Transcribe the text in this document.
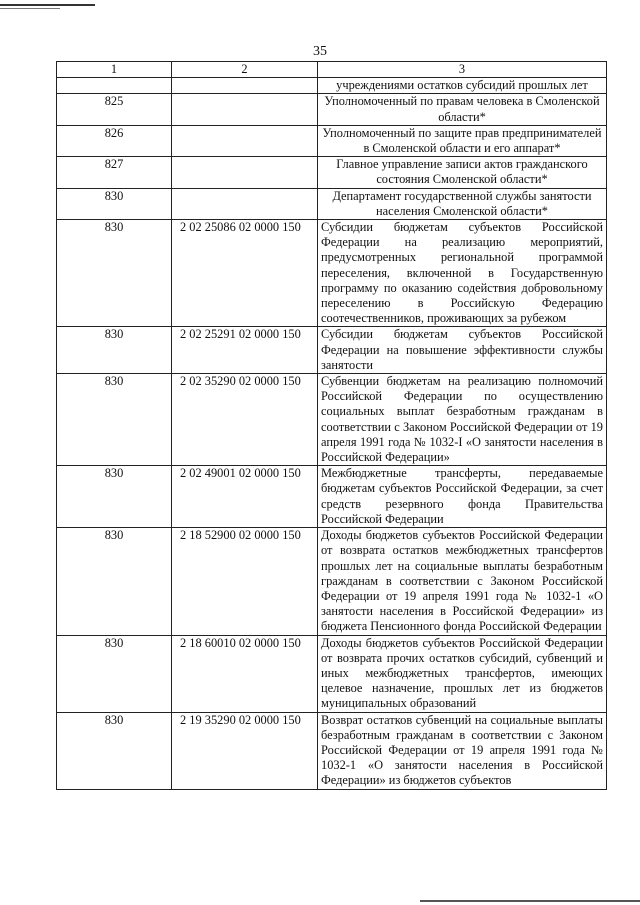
35
1	2	3
		учреждениями остатков субсидий прошлых лет
825		Уполномоченный по правам человека в Смоленской области*
826		Уполномоченный по защите прав предпринимателей в Смоленской области и его аппарат*
827		Главное управление записи актов гражданского состояния Смоленской области*
830		Департамент государственной службы занятости населения Смоленской области*
830	2 02 25086 02 0000 150	Субсидии бюджетам субъектов Российской Федерации на реализацию мероприятий, предусмотренных региональной программой переселения, включенной в Государственную программу по оказанию содействия добровольному переселению в Российскую Федерацию соотечественников, проживающих за рубежом
830	2 02 25291 02 0000 150	Субсидии бюджетам субъектов Российской Федерации на повышение эффективности службы занятости
830	2 02 35290 02 0000 150	Субвенции бюджетам на реализацию полномочий Российской Федерации по осуществлению социальных выплат безработным гражданам в соответствии с Законом Российской Федерации от 19 апреля 1991 года № 1032-I «О занятости населения в Российской Федерации»
830	2 02 49001 02 0000 150	Межбюджетные трансферты, передаваемые бюджетам субъектов Российской Федерации, за счет средств резервного фонда Правительства Российской Федерации
830	2 18 52900 02 0000 150	Доходы бюджетов субъектов Российской Федерации от возврата остатков межбюджетных трансфертов прошлых лет на социальные выплаты безработным гражданам в соответствии с Законом Российской Федерации от 19 апреля 1991 года № 1032-1 «О занятости населения в Российской Федерации» из бюджета Пенсионного фонда Российской Федерации
830	2 18 60010 02 0000 150	Доходы бюджетов субъектов Российской Федерации от возврата прочих остатков субсидий, субвенций и иных межбюджетных трансфертов, имеющих целевое назначение, прошлых лет из бюджетов муниципальных образований
830	2 19 35290 02 0000 150	Возврат остатков субвенций на социальные выплаты безработным гражданам в соответствии с Законом Российской Федерации от 19 апреля 1991 года № 1032-1 «О занятости населения в Российской Федерации» из бюджетов субъектов
